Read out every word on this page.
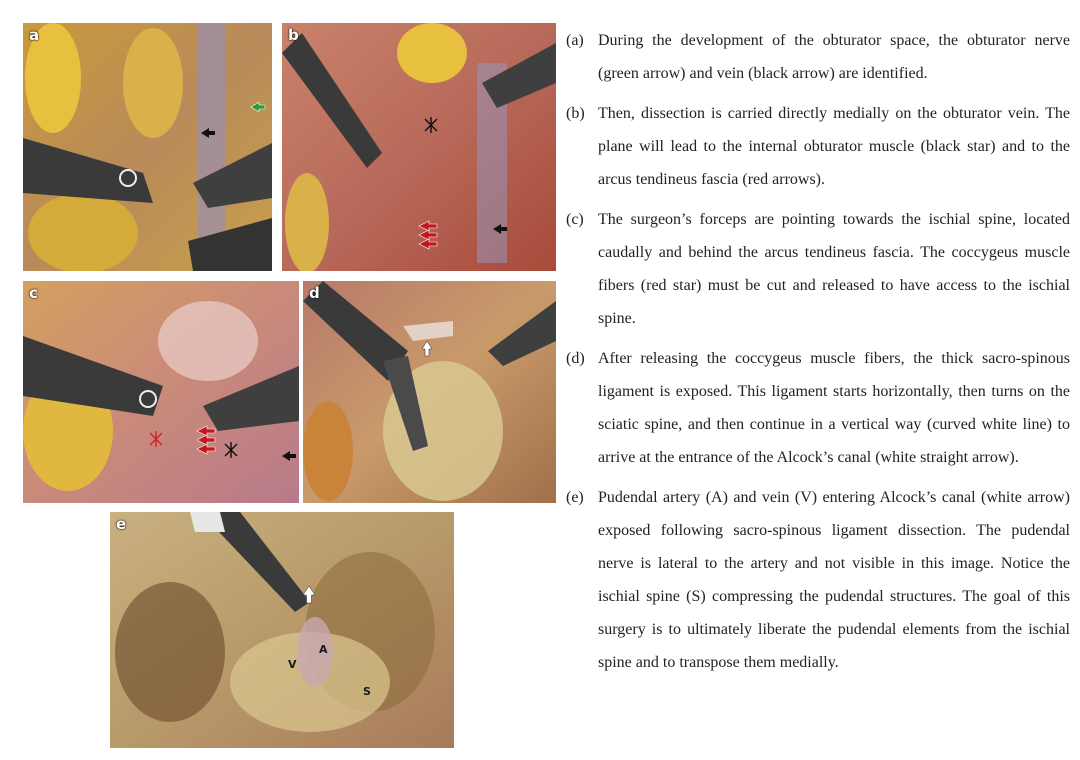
a	b
c	d
e
V
A
S
(a) During the development of the obturator space, the obturator nerve (green arrow) and vein (black arrow) are identified.
(b) Then, dissection is carried directly medially on the obturator vein. The plane will lead to the internal obturator muscle (black star) and to the arcus tendineus fascia (red arrows).
(c) The surgeon’s forceps are pointing towards the ischial spine, located caudally and behind the arcus tendineus fascia. The coccygeus muscle fibers (red star) must be cut and released to have access to the ischial spine.
(d) After releasing the coccygeus muscle fibers, the thick sacro-spinous ligament is exposed. This ligament starts horizontally, then turns on the sciatic spine, and then continue in a vertical way (curved white line) to arrive at the entrance of the Alcock’s canal (white straight arrow).
(e) Pudendal artery (A) and vein (V) entering Alcock’s canal (white arrow) exposed following sacro-spinous ligament dissection. The pudendal nerve is lateral to the artery and not visible in this image. Notice the ischial spine (S) compressing the pudendal structures. The goal of this surgery is to ultimately liberate the pudendal elements from the ischial spine and to transpose them medially.
